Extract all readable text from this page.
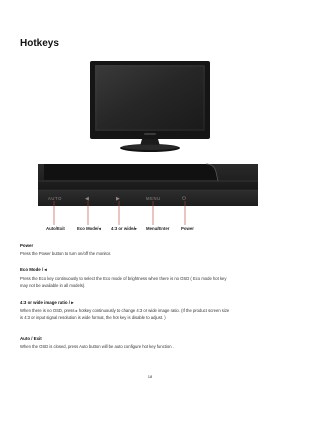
Hotkeys
AUTO	◀	▶	MENU	⏻
Auto/Exit	Eco Mode/◂ 4:3 or wide/▸ Menu/Enter	Power
Power
Press the Power button to turn on/off the monitor.
Eco Mode / ◂
Press the Eco key continuously to select the Eco mode of brightness when there is no OSD ( Eco mode hot key
may not be available in all models).
4:3 or wide image ratio / ▸
When there is no OSD, press ▸ hotkey continuously to change 4:3 or wide image ratio. (If the product screen size
is 4:3 or input signal resolution is wide format, the hot key is disable to adjust. )
Auto / Exit
When the OSD is closed, press Auto button will be auto configure hot key function .
18
